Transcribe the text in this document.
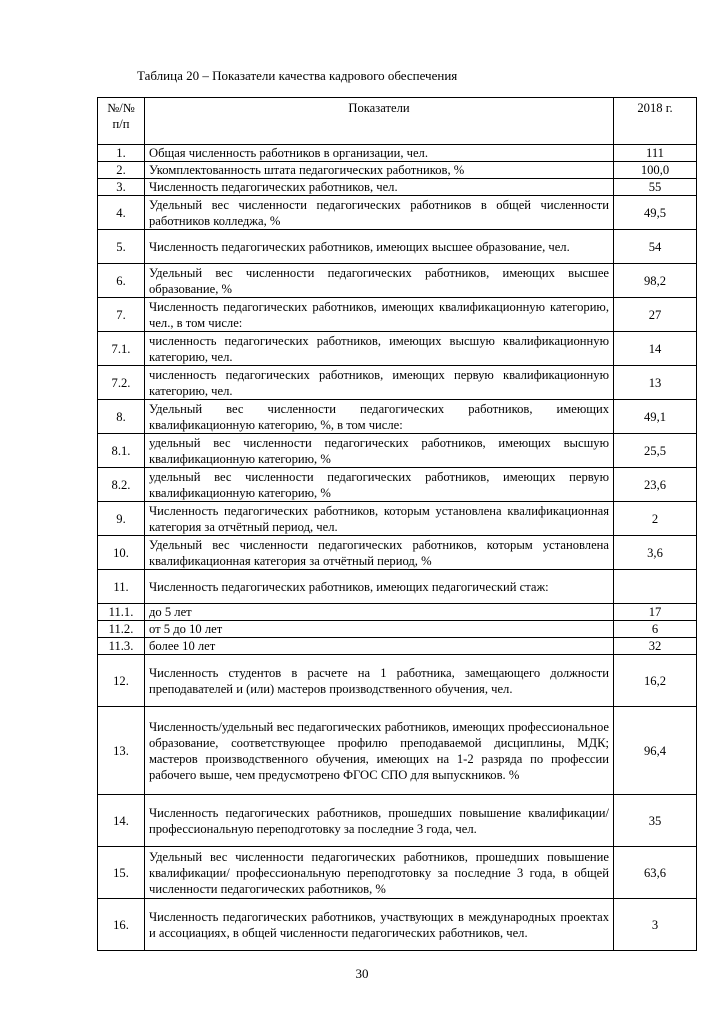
Таблица 20 – Показатели качества кадрового обеспечения
№/№ п/п	Показатели	2018 г.
1.	Общая численность работников в организации, чел.	111
2.	Укомплектованность штата педагогических работников, %	100,0
3.	Численность педагогических работников, чел.	55
4.	Удельный вес численности педагогических работников в общей численности работников колледжа, %	49,5
5.	Численность педагогических работников, имеющих высшее образование, чел.	54
6.	Удельный вес численности педагогических работников, имеющих высшее образование, %	98,2
7.	Численность педагогических работников, имеющих квалификационную категорию, чел., в том числе:	27
7.1.	численность педагогических работников, имеющих высшую квалификационную категорию, чел.	14
7.2.	численность педагогических работников, имеющих первую квалификационную категорию, чел.	13
8.	Удельный вес численности педагогических работников, имеющих квалификационную категорию, %, в том числе:	49,1
8.1.	удельный вес численности педагогических работников, имеющих высшую квалификационную категорию, %	25,5
8.2.	удельный вес численности педагогических работников, имеющих первую квалификационную категорию, %	23,6
9.	Численность педагогических работников, которым установлена квалификационная категория за отчётный период, чел.	2
10.	Удельный вес численности педагогических работников, которым установлена квалификационная категория за отчётный период, %	3,6
11.	Численность педагогических работников, имеющих педагогический стаж:	
11.1.	до 5 лет	17
11.2.	от 5 до 10 лет	6
11.3.	более 10 лет	32
12.	Численность студентов в расчете на 1 работника, замещающего должности преподавателей и (или) мастеров производственного обучения, чел.	16,2
13.	Численность/удельный вес педагогических работников, имеющих профессиональное образование, соответствующее профилю преподаваемой дисциплины, МДК; мастеров производственного обучения, имеющих на 1-2 разряда по профессии рабочего выше, чем предусмотрено ФГОС СПО для выпускников. %	96,4
14.	Численность педагогических работников, прошедших повышение квалификации/ профессиональную переподготовку за последние 3 года, чел.	35
15.	Удельный вес численности педагогических работников, прошедших повышение квалификации/ профессиональную переподготовку за последние 3 года, в общей численности педагогических работников, %	63,6
16.	Численность педагогических работников, участвующих в международных проектах и ассоциациях, в общей численности педагогических работников, чел.	3
30
